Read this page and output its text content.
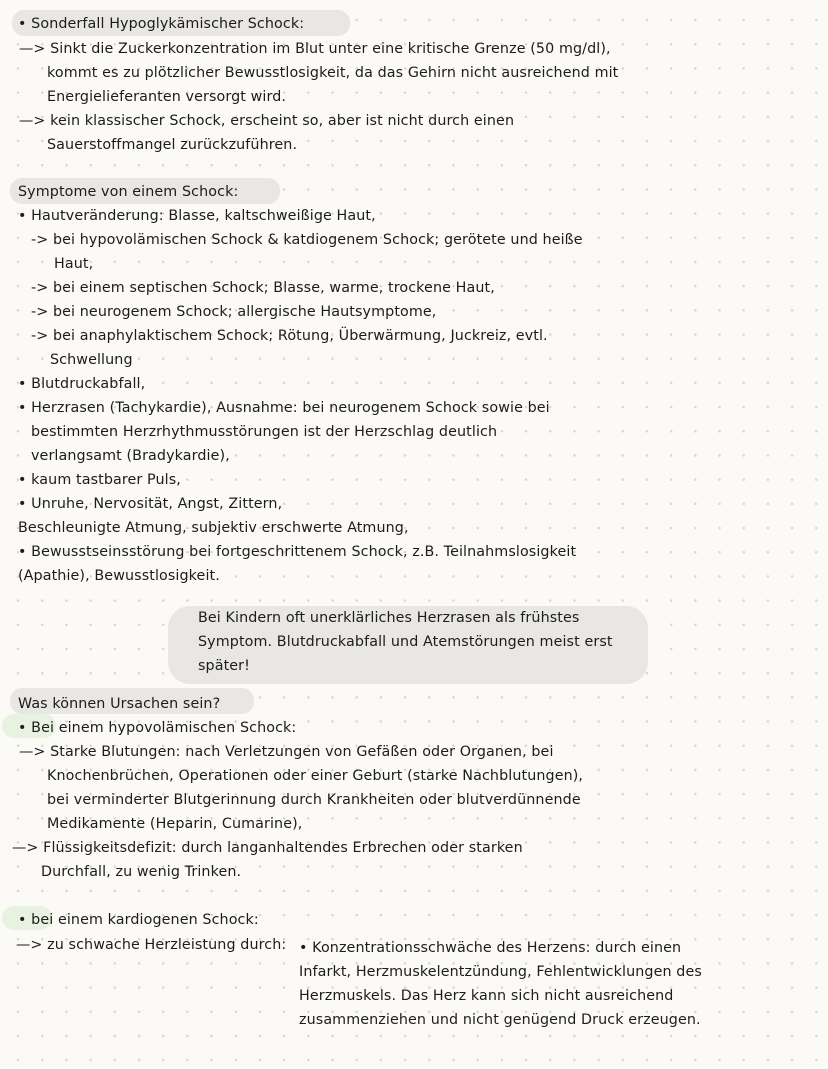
• Sonderfall Hypoglykämischer Schock:
—> Sinkt die Zuckerkonzentration im Blut unter eine kritische Grenze (50 mg/dl),
kommt es zu plötzlicher Bewusstlosigkeit, da das Gehirn nicht ausreichend mit
Energielieferanten versorgt wird.
—> kein klassischer Schock, erscheint so, aber ist nicht durch einen
Sauerstoffmangel zurückzuführen.
Symptome von einem Schock:
• Hautveränderung: Blasse, kaltschweißige Haut,
-> bei hypovolämischen Schock & katdiogenem Schock; gerötete und heiße
Haut,
-> bei einem septischen Schock; Blasse, warme, trockene Haut,
-> bei neurogenem Schock; allergische Hautsymptome,
-> bei anaphylaktischem Schock; Rötung, Überwärmung, Juckreiz, evtl.
Schwellung
• Blutdruckabfall,
• Herzrasen (Tachykardie), Ausnahme: bei neurogenem Schock sowie bei
bestimmten Herzrhythmusstörungen ist der Herzschlag deutlich
verlangsamt (Bradykardie),
• kaum tastbarer Puls,
• Unruhe, Nervosität, Angst, Zittern,
Beschleunigte Atmung, subjektiv erschwerte Atmung,
• Bewusstseinsstörung bei fortgeschrittenem Schock, z.B. Teilnahmslosigkeit
(Apathie), Bewusstlosigkeit.
Bei Kindern oft unerklärliches Herzrasen als frühstes
Symptom. Blutdruckabfall und Atemstörungen meist erst
später!
Was können Ursachen sein?
• Bei einem hypovolämischen Schock:
—> Starke Blutungen: nach Verletzungen von Gefäßen oder Organen, bei
Knochenbrüchen, Operationen oder einer Geburt (starke Nachblutungen),
bei verminderter Blutgerinnung durch Krankheiten oder blutverdünnende
Medikamente (Heparin, Cumarine),
—> Flüssigkeitsdefizit: durch langanhaltendes Erbrechen oder starken
Durchfall, zu wenig Trinken.
• bei einem kardiogenen Schock:
—> zu schwache Herzleistung durch: • Konzentrationsschwäche des Herzens: durch einen
Infarkt, Herzmuskelentzündung, Fehlentwicklungen des
Herzmuskels. Das Herz kann sich nicht ausreichend
zusammenziehen und nicht genügend Druck erzeugen.
